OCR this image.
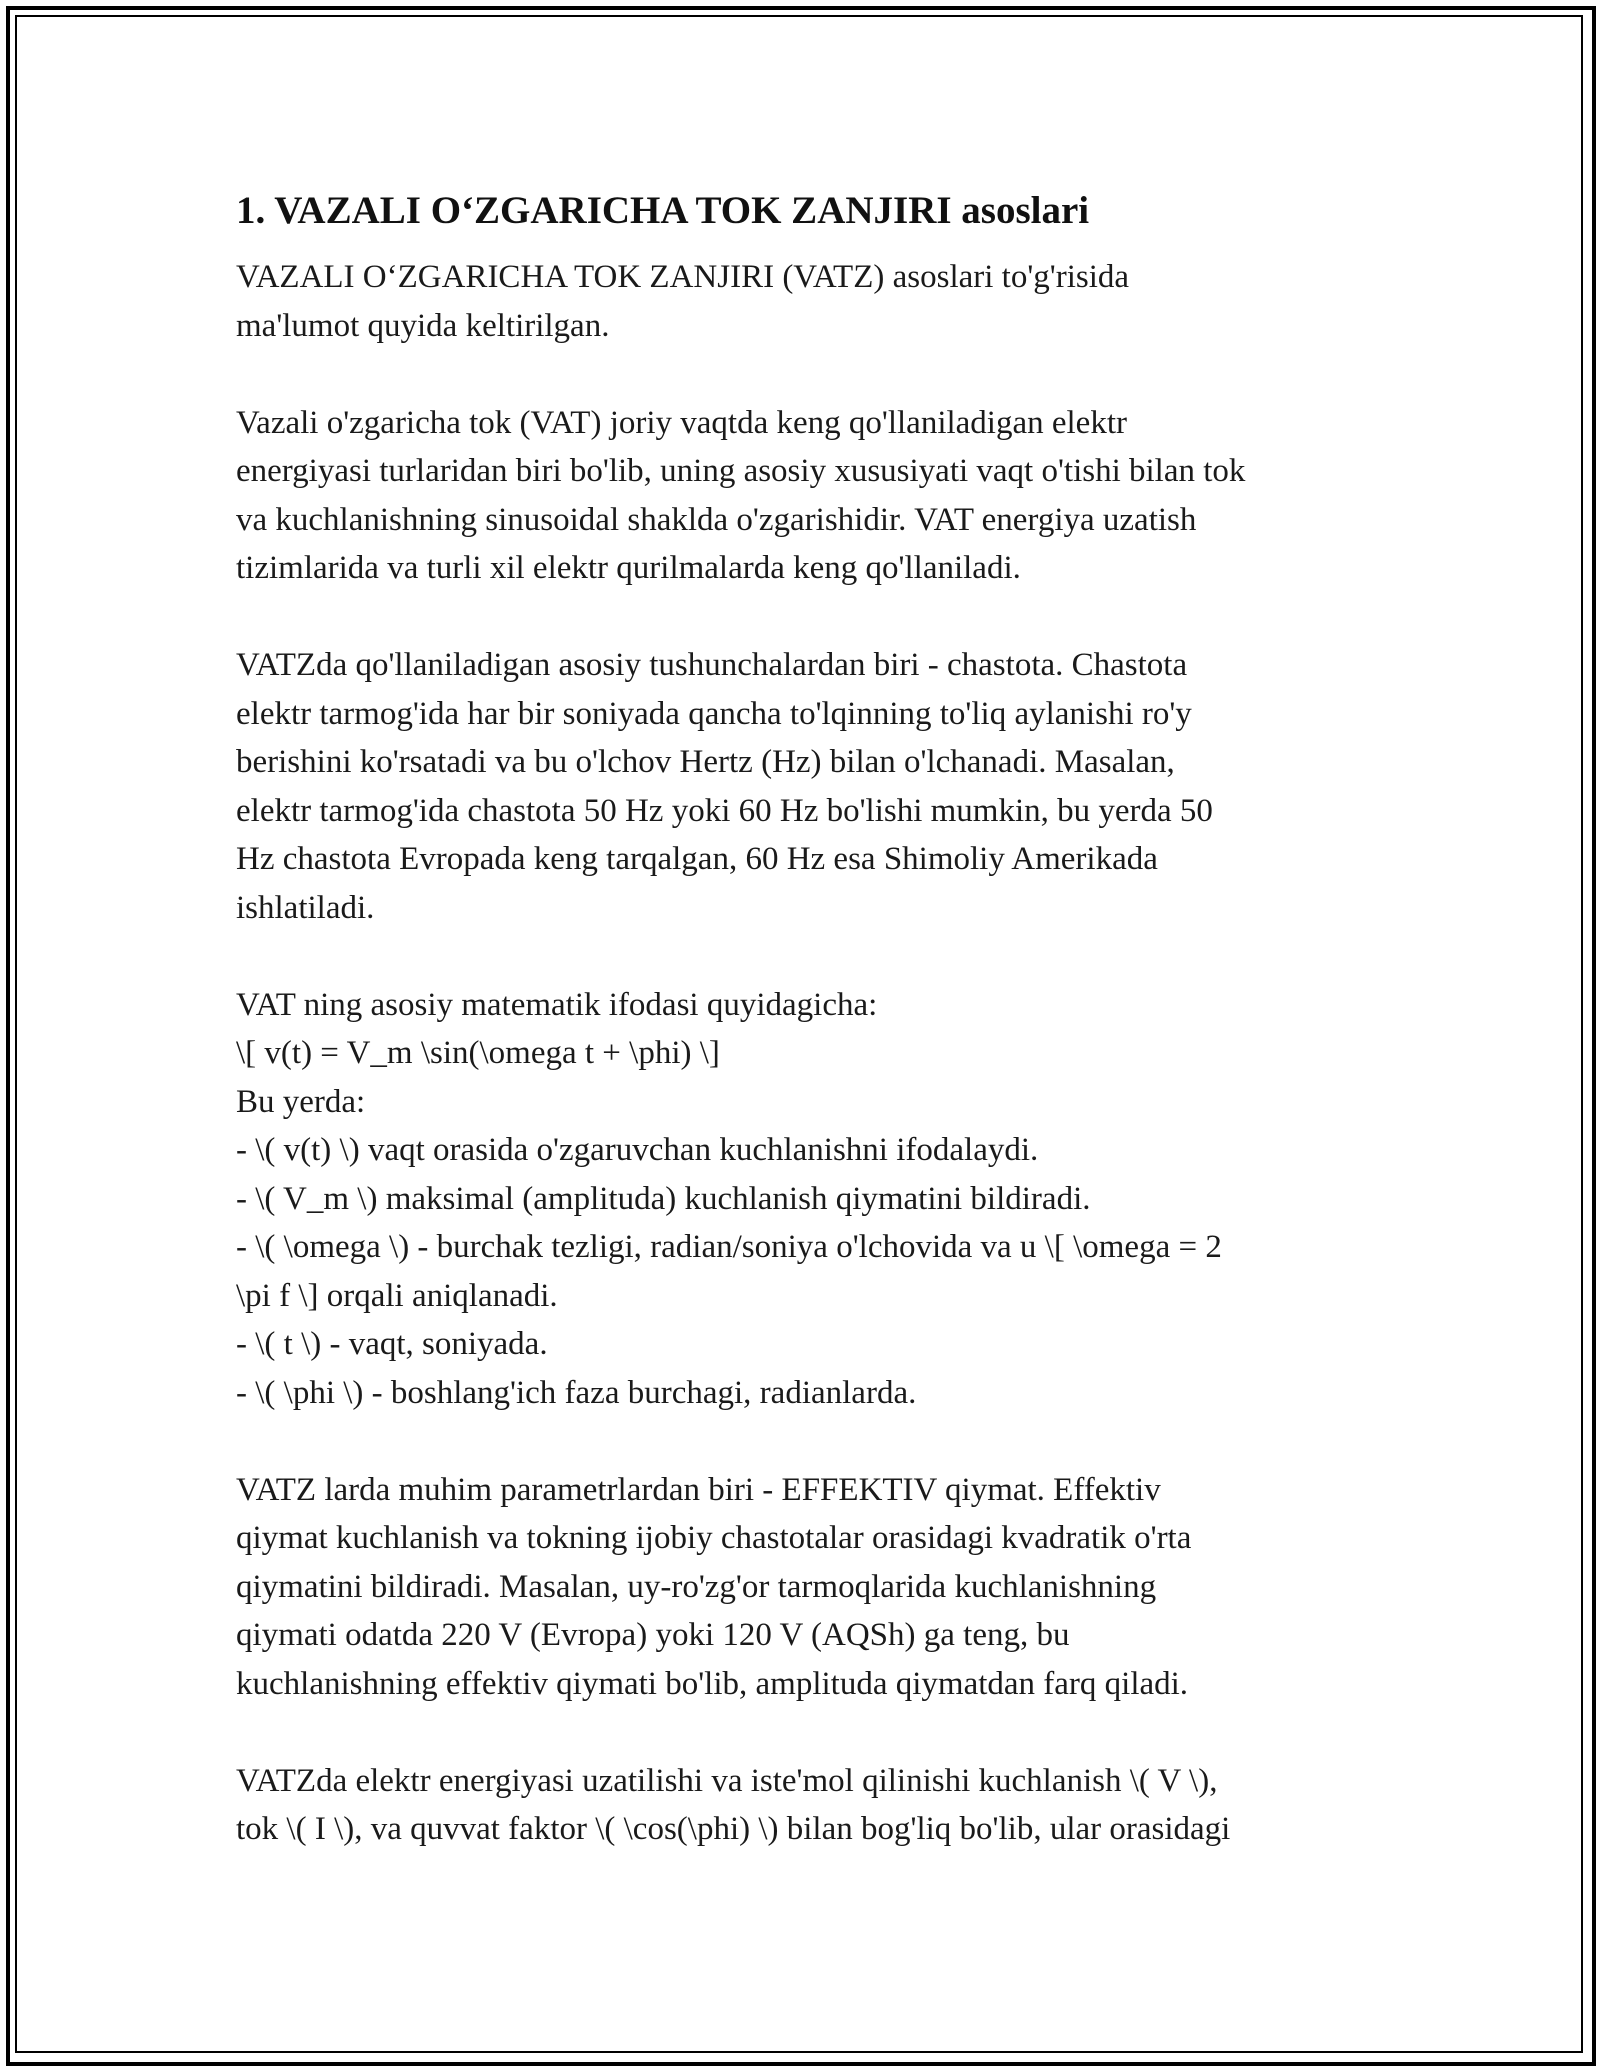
1. VAZALI O‘ZGARICHA TOK ZANJIRI asoslari
VAZALI O‘ZGARICHA TOK ZANJIRI (VATZ) asoslari to'g'risida
ma'lumot quyida keltirilgan.
Vazali o'zgaricha tok (VAT) joriy vaqtda keng qo'llaniladigan elektr
energiyasi turlaridan biri bo'lib, uning asosiy xususiyati vaqt o'tishi bilan tok
va kuchlanishning sinusoidal shaklda o'zgarishidir. VAT energiya uzatish
tizimlarida va turli xil elektr qurilmalarda keng qo'llaniladi.
VATZda qo'llaniladigan asosiy tushunchalardan biri - chastota. Chastota
elektr tarmog'ida har bir soniyada qancha to'lqinning to'liq aylanishi ro'y
berishini ko'rsatadi va bu o'lchov Hertz (Hz) bilan o'lchanadi. Masalan,
elektr tarmog'ida chastota 50 Hz yoki 60 Hz bo'lishi mumkin, bu yerda 50
Hz chastota Evropada keng tarqalgan, 60 Hz esa Shimoliy Amerikada
ishlatiladi.
VAT ning asosiy matematik ifodasi quyidagicha:
\[ v(t) = V_m \sin(\omega t + \phi) \]
Bu yerda:
- \( v(t) \) vaqt orasida o'zgaruvchan kuchlanishni ifodalaydi.
- \( V_m \) maksimal (amplituda) kuchlanish qiymatini bildiradi.
- \( \omega \) - burchak tezligi, radian/soniya o'lchovida va u \[ \omega = 2
\pi f \] orqali aniqlanadi.
- \( t \) - vaqt, soniyada.
- \( \phi \) - boshlang'ich faza burchagi, radianlarda.
VATZ larda muhim parametrlardan biri - EFFEKTIV qiymat. Effektiv
qiymat kuchlanish va tokning ijobiy chastotalar orasidagi kvadratik o'rta
qiymatini bildiradi. Masalan, uy-ro'zg'or tarmoqlarida kuchlanishning
qiymati odatda 220 V (Evropa) yoki 120 V (AQSh) ga teng, bu
kuchlanishning effektiv qiymati bo'lib, amplituda qiymatdan farq qiladi.
VATZda elektr energiyasi uzatilishi va iste'mol qilinishi kuchlanish \( V \),
tok \( I \), va quvvat faktor \( \cos(\phi) \) bilan bog'liq bo'lib, ular orasidagi
